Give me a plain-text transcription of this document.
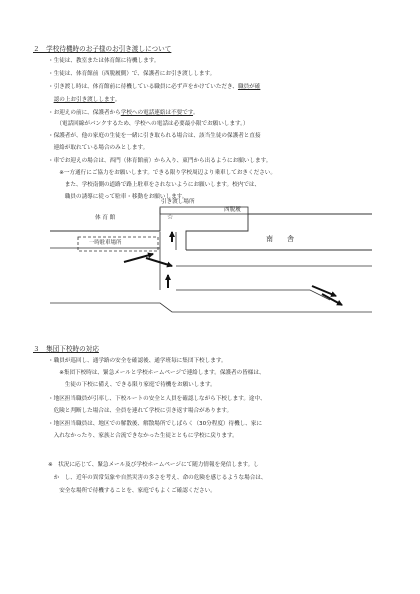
２　学校待機時のお子様のお引き渡しについて
・生徒は、教室または体育館に待機します。
・生徒は、体育館前（西脱履側）で、保護者にお引き渡しします。
・引き渡し時は、体育館前に待機している職員に必ず声をかけていただき、職員が確
　認の上お引き渡しします。
・お迎えの前に、保護者から学校への電話連絡は不要です。
　　（電話回線がパンクするため、学校への電話は必要最小限でお願いします。）
・保護者が、他の家庭の生徒を一緒に引き取られる場合は、該当生徒の保護者と直接
　連絡が取れている場合のみとします。
・車でお迎えの場合は、西門（体育館前）から入り、東門から出るようにお願いします。
　　※一方通行にご協力をお願いします。できる限り学校周辺より乗車しておきください。
　　　また、学校南側の道路で路上駐車をされないようにお願いします。校内では、
　　　職員の誘導に従って駐車・移動をお願いします。
引き渡し場所
☆
西脱履
体 育 館
一時駐車場所	南　　舎
３　集団下校時の対応
・職員が巡回し、通学路の安全を確認後、通学班毎に集団下校します。
　　※集団下校時は、緊急メールと学校ホームページで連絡します。保護者の皆様は、
　　　生徒の下校に備え、できる限り家庭で待機をお願いします。
・地区担当職員が引率し、下校ルートの安全と人員を確認しながら下校します。途中、
　危険と判断した場合は、全員を連れて学校に引き返す場合があります。
・地区担当職員は、地区での解散後、解散場所でしばらく（30分程度）待機し、家に
　入れなかったり、家族と合流できなかった生徒とともに学校に戻ります。
※　状況に応じて、緊急メール及び学校ホームページにて随力情報を発信します。し
　か　し、近年の異常気象や自然災害の多さを考え、命の危険を感じるような場合は、
　　安全な場所で待機することを、家庭でもよくご確認ください。
